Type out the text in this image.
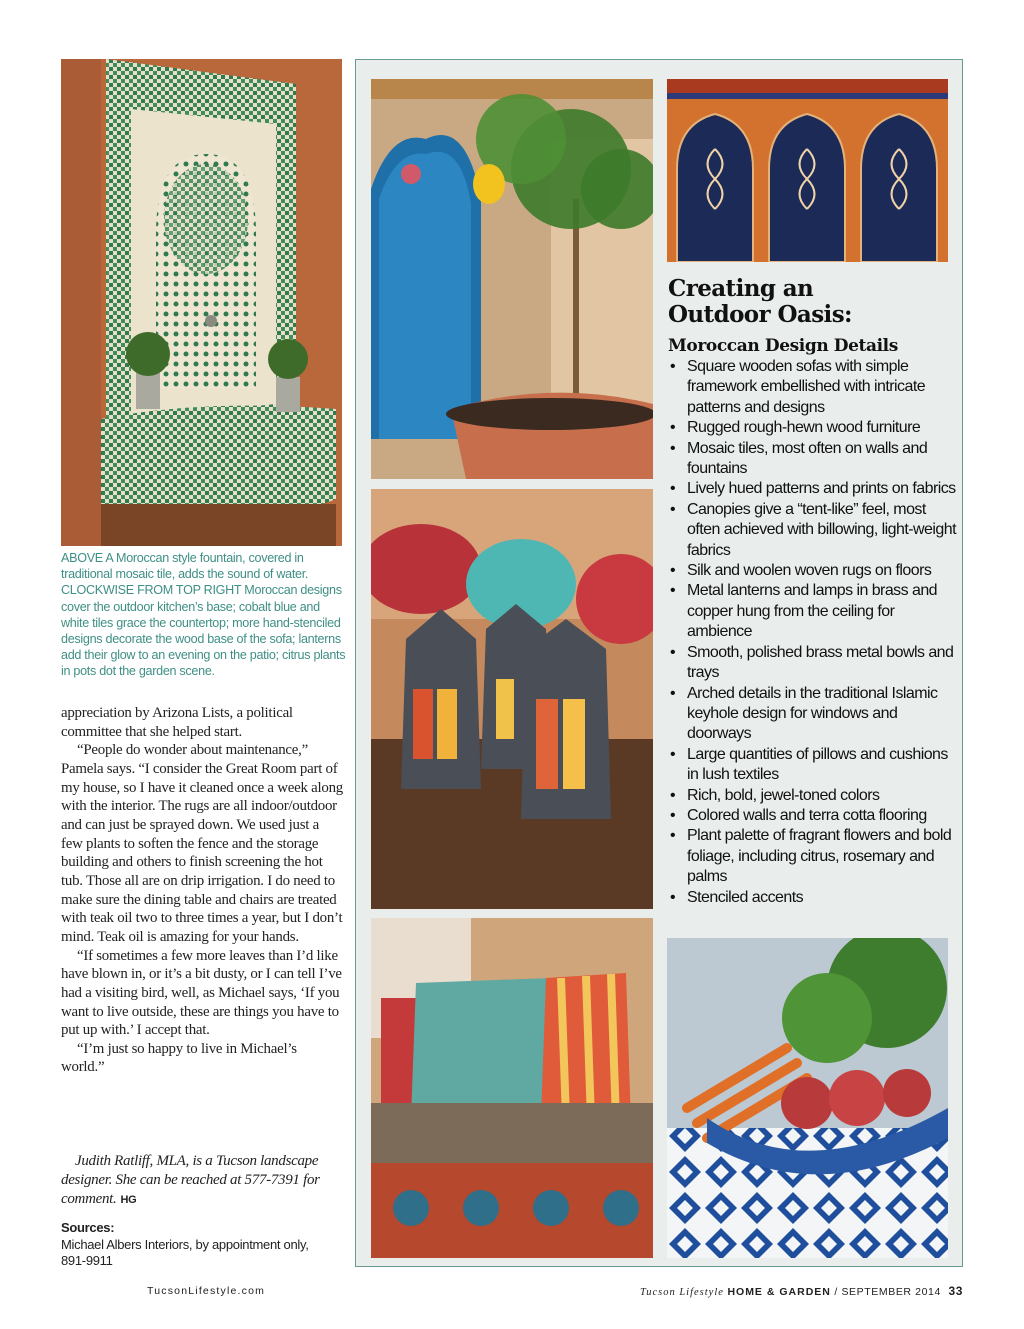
ABOVE A Moroccan style fountain, covered in traditional mosaic tile, adds the sound of water. CLOCKWISE FROM TOP RIGHT Moroccan designs cover the outdoor kitchen’s base; cobalt blue and white tiles grace the countertop; more hand-stenciled designs decorate the wood base of the sofa; lanterns add their glow to an evening on the patio; citrus plants in pots dot the garden scene.

appreciation by Arizona Lists, a political committee that she helped start.

“People do wonder about maintenance,” Pamela says. “I consider the Great Room part of my house, so I have it cleaned once a week along with the interior. The rugs are all indoor/outdoor and can just be sprayed down. We used just a few plants to soften the fence and the storage building and others to finish screening the hot tub. Those all are on drip irrigation. I do need to make sure the dining table and chairs are treated with teak oil two to three times a year, but I don’t mind. Teak oil is amazing for your hands.

“If sometimes a few more leaves than I’d like have blown in, or it’s a bit dusty, or I can tell I’ve had a visiting bird, well, as Michael says, ‘If you want to live outside, these are things you have to put up with.’ I accept that.

“I’m just so happy to live in Michael’s world.”

Judith Ratliff, MLA, is a Tucson landscape designer. She can be reached at 577-7391 for comment. HG
Sources:
Michael Albers Interiors, by appointment only,
891-9911
Creating an
Outdoor Oasis:
Moroccan Design Details
• Square wooden sofas with simple framework embellished with intricate patterns and designs
• Rugged rough-hewn wood furniture
• Mosaic tiles, most often on walls and fountains
• Lively hued patterns and prints on fabrics
• Canopies give a “tent-like” feel, most often achieved with billowing, light-weight fabrics
• Silk and woolen woven rugs on floors
• Metal lanterns and lamps in brass and copper hung from the ceiling for ambience
• Smooth, polished brass metal bowls and trays
• Arched details in the traditional Islamic keyhole design for windows and doorways
• Large quantities of pillows and cushions in lush textiles
• Rich, bold, jewel-toned colors
• Colored walls and terra cotta flooring
• Plant palette of fragrant flowers and bold foliage, including citrus, rosemary and palms
• Stenciled accents
TucsonLifestyle.com	Tucson Lifestyle HOME & GARDEN / SEPTEMBER 2014 33
